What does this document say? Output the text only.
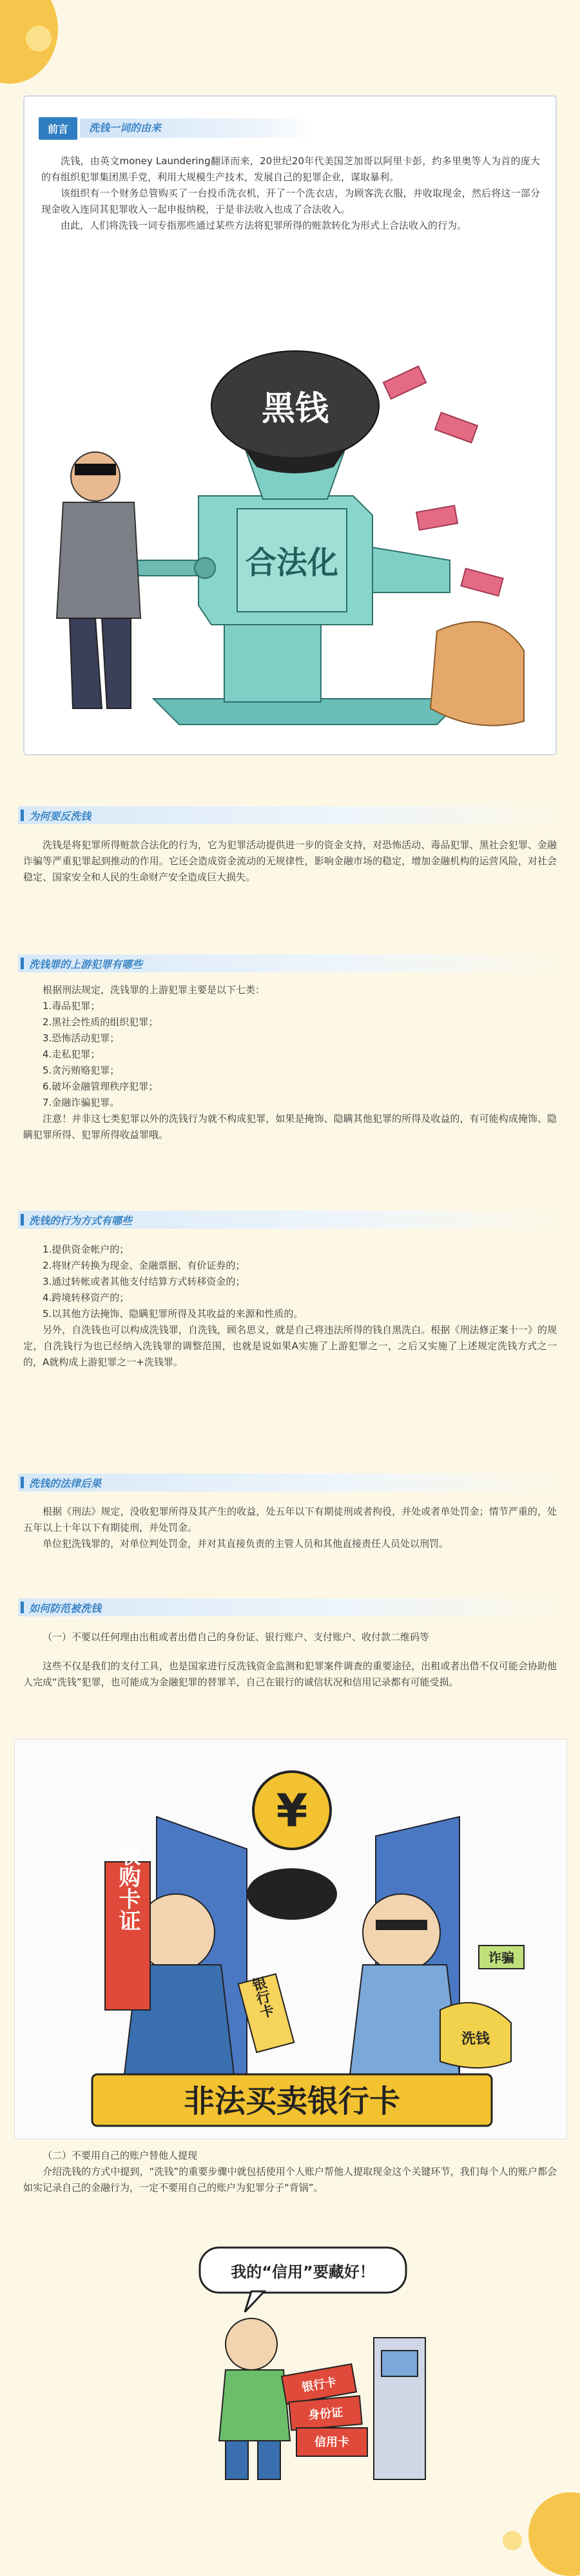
前言	洗钱一词的由来

洗钱，由英文money Laundering翻译而来，20世纪20年代美国芝加哥以阿里卡彭，约多里奥等人为首的庞大的有组织犯罪集团黑手党，利用大规模生产技术，发展自己的犯罪企业，谋取暴利。

该组织有一个财务总管购买了一台投币洗衣机，开了一个洗衣店，为顾客洗衣服，并收取现金，然后将这一部分现金收入连同其犯罪收入一起申报纳税，于是非法收入也成了合法收入。

由此，人们将洗钱一词专指那些通过某些方法将犯罪所得的赃款转化为形式上合法收入的行为。

黑钱
合法化
为何要反洗钱

洗钱是将犯罪所得赃款合法化的行为，它为犯罪活动提供进一步的资金支持，对恐怖活动、毒品犯罪、黑社会犯罪、金融诈骗等严重犯罪起到推动的作用。它还会造成资金流动的无规律性，影响金融市场的稳定，增加金融机构的运营风险，对社会稳定、国家安全和人民的生命财产安全造成巨大损失。

洗钱罪的上游犯罪有哪些

根据刑法规定，洗钱罪的上游犯罪主要是以下七类：

1.毒品犯罪；

2.黑社会性质的组织犯罪；

3.恐怖活动犯罪；

4.走私犯罪；

5.贪污贿赂犯罪；

6.破坏金融管理秩序犯罪；

7.金融诈骗犯罪。

注意！并非这七类犯罪以外的洗钱行为就不构成犯罪，如果是掩饰、隐瞒其他犯罪的所得及收益的，有可能构成掩饰、隐瞒犯罪所得、犯罪所得收益罪哦。

洗钱的行为方式有哪些

1.提供资金帐户的；

2.将财产转换为现金、金融票据、有价证券的；

3.通过转帐或者其他支付结算方式转移资金的；

4.跨境转移资产的；

5.以其他方法掩饰、隐瞒犯罪所得及其收益的来源和性质的。

另外，自洗钱也可以构成洗钱罪，自洗钱，顾名思义，就是自己将违法所得的钱自黑洗白。根据《刑法修正案十一》的规定，自洗钱行为也已经纳入洗钱罪的调整范围，也就是说如果A实施了上游犯罪之一，之后又实施了上述规定洗钱方式之一的，A就构成上游犯罪之一+洗钱罪。

洗钱的法律后果

根据《刑法》规定，没收犯罪所得及其产生的收益，处五年以下有期徒刑或者拘役，并处或者单处罚金；情节严重的，处五年以上十年以下有期徒刑，并处罚金。

单位犯洗钱罪的，对单位判处罚金，并对其直接负责的主管人员和其他直接责任人员处以刑罚。

如何防范被洗钱

（一）不要以任何理由出租或者出借自己的身份证、银行账户、支付账户、收付款二维码等

这些不仅是我们的支付工具，也是国家进行反洗钱资金监测和犯罪案件调查的重要途径，出租或者出借不仅可能会协助他人完成“洗钱”犯罪，也可能成为金融犯罪的替罪羊，自己在银行的诚信状况和信用记录都有可能受损。

¥
收购卡证
银行卡
洗钱
诈骗
非法买卖银行卡

（二）不要用自己的账户替他人提现

介绍洗钱的方式中提到，“洗钱”的重要步骤中就包括使用个人账户帮他人提取现金这个关键环节，我们每个人的账户都会如实记录自己的金融行为，一定不要用自己的账户为犯罪分子“背锅”。

我的“信用”要藏好！
银行卡
身份证
信用卡
